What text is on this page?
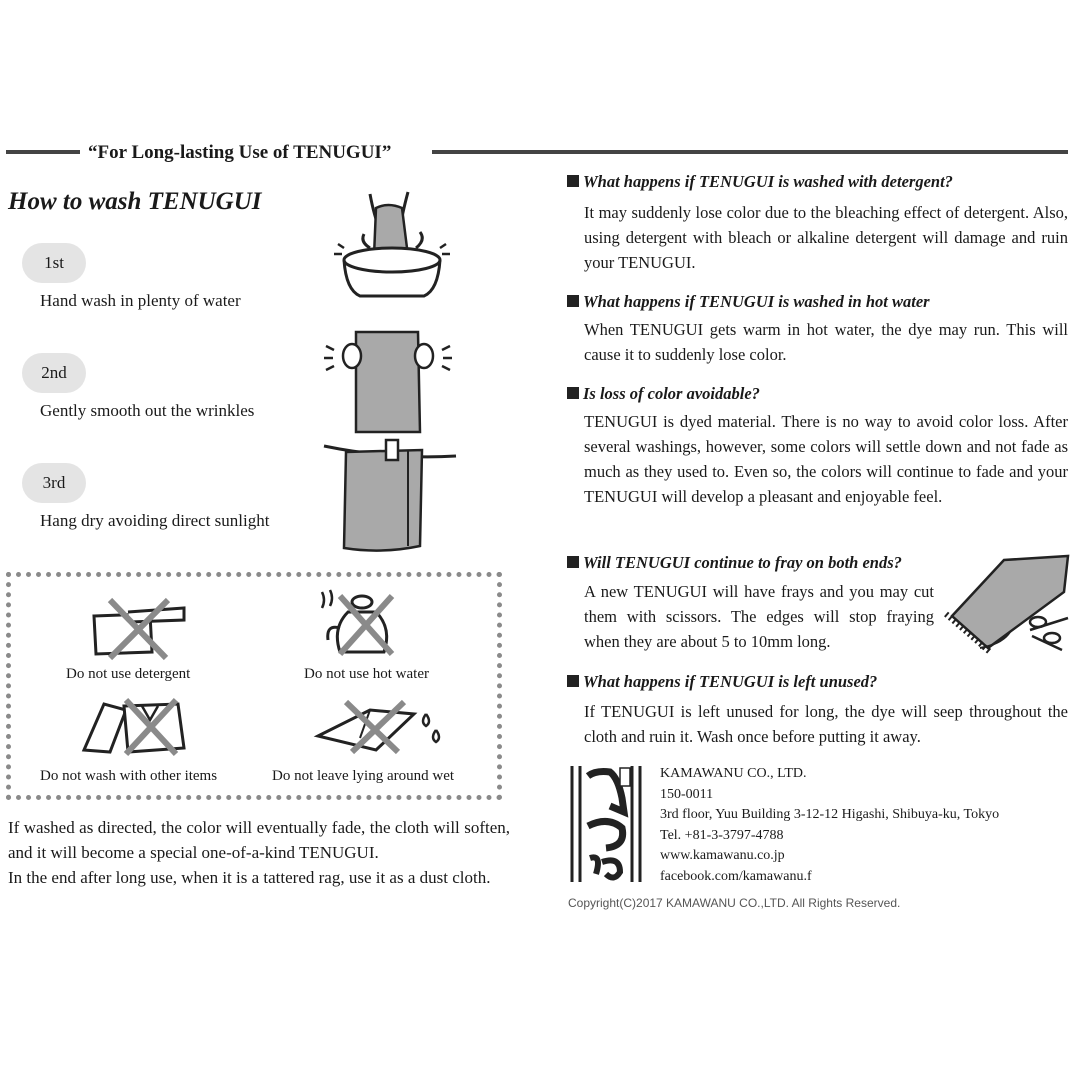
“For Long-lasting Use of TENUGUI”
How to wash TENUGUI
1st
Hand wash in plenty of water
2nd
Gently smooth out the wrinkles
3rd
Hang dry avoiding direct sunlight
Do not use detergent	Do not use hot water
Do not wash with other items	Do not leave lying around wet
If washed as directed, the color will eventually fade, the cloth will soften, and it will become a special one-of-a-kind TENUGUI.
In the end after long use, when it is a tattered rag, use it as a dust cloth.
What happens if TENUGUI is washed with detergent?
It may suddenly lose color due to the bleaching effect of detergent. Also, using detergent with bleach or alkaline detergent will damage and ruin your TENUGUI.
What happens if TENUGUI is washed in hot water
When TENUGUI gets warm in hot water, the dye may run. This will cause it to suddenly lose color.
Is loss of color avoidable?
TENUGUI is dyed material. There is no way to avoid color loss. After several washings, however, some colors will settle down and not fade as much as they used to. Even so, the colors will continue to fade and your TENUGUI will develop a pleasant and enjoyable feel.
Will TENUGUI continue to fray on both ends?
A new TENUGUI will have frays and you may cut them with scissors. The edges will stop fraying when they are about 5 to 10mm long.
What happens if TENUGUI is left unused?
If TENUGUI is left unused for long, the dye will seep throughout the cloth and ruin it. Wash once before putting it away.
KAMAWANU CO., LTD.
150-0011
3rd floor, Yuu Building 3-12-12 Higashi, Shibuya-ku, Tokyo
Tel. +81-3-3797-4788
www.kamawanu.co.jp
facebook.com/kamawanu.f
Copyright(C)2017 KAMAWANU CO.,LTD. All Rights Reserved.
